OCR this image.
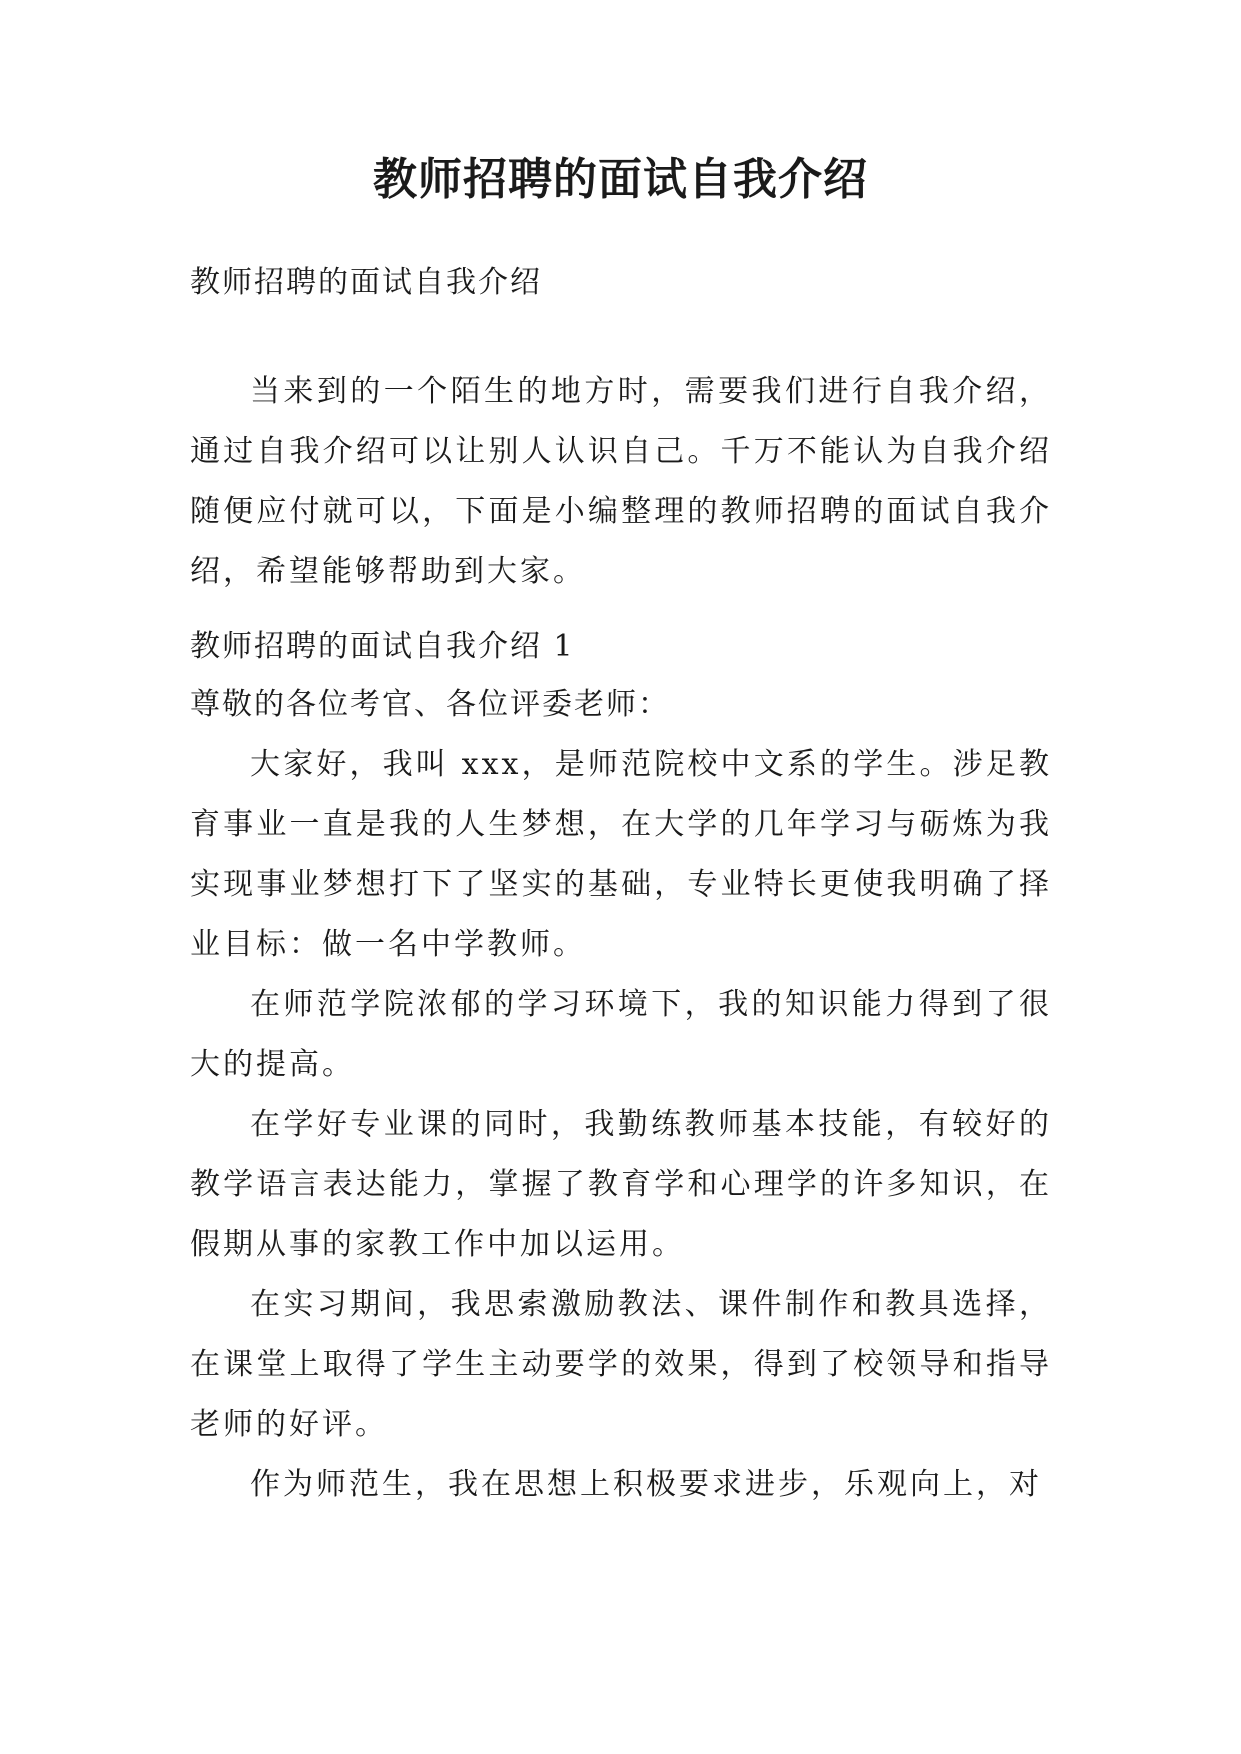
教师招聘的面试自我介绍

教师招聘的面试自我介绍

当来到的一个陌生的地方时，需要我们进行自我介绍，通过自我介绍可以让别人认识自己。千万不能认为自我介绍随便应付就可以，下面是小编整理的教师招聘的面试自我介绍，希望能够帮助到大家。

教师招聘的面试自我介绍 1

尊敬的各位考官、各位评委老师：

大家好，我叫 xxx，是师范院校中文系的学生。涉足教育事业一直是我的人生梦想，在大学的几年学习与砺炼为我实现事业梦想打下了坚实的基础，专业特长更使我明确了择业目标：做一名中学教师。

在师范学院浓郁的学习环境下，我的知识能力得到了很大的提高。

在学好专业课的同时，我勤练教师基本技能，有较好的教学语言表达能力，掌握了教育学和心理学的许多知识，在假期从事的家教工作中加以运用。

在实习期间，我思索激励教法、课件制作和教具选择，在课堂上取得了学生主动要学的效果，得到了校领导和指导老师的好评。

作为师范生，我在思想上积极要求进步，乐观向上，对
